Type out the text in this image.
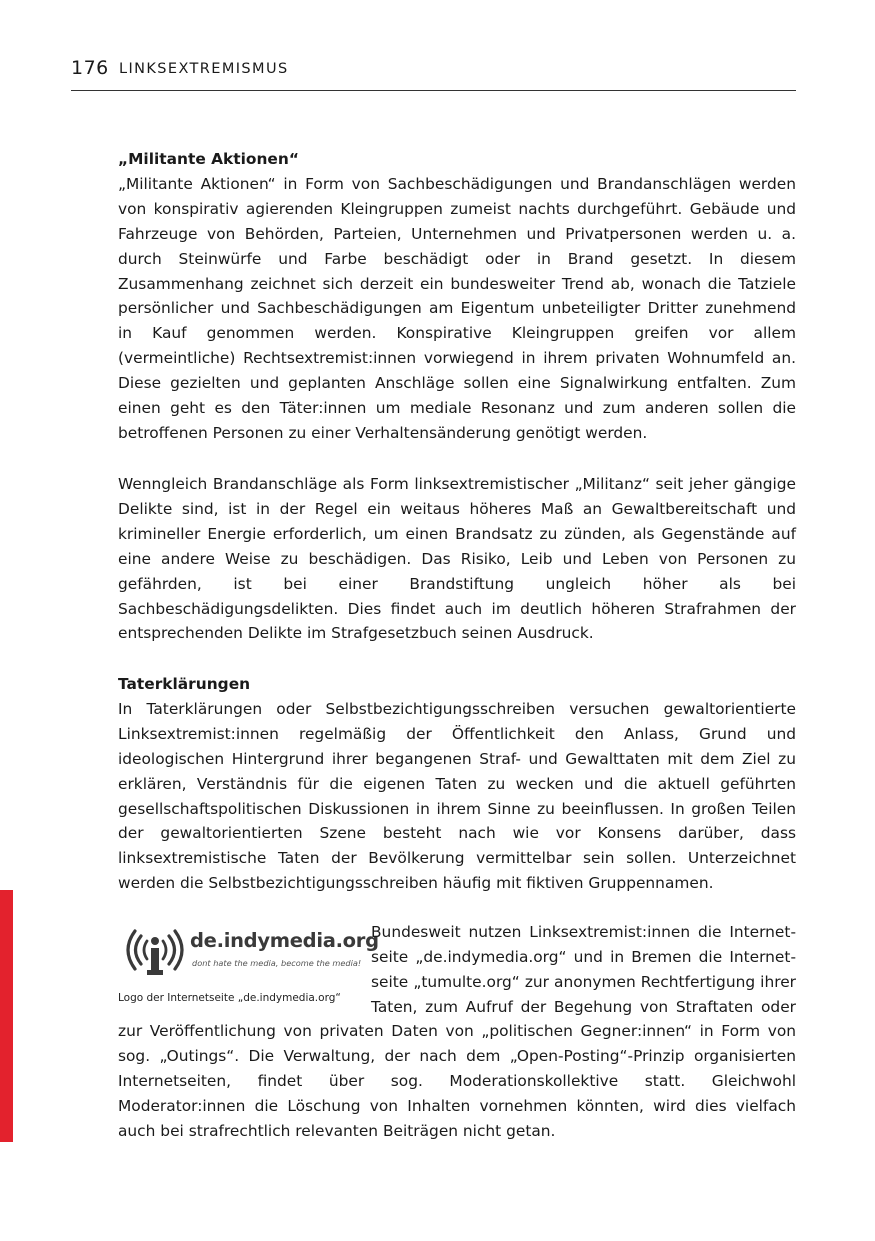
176 LINKSEXTREMISMUS
„Militante Aktionen“

„Militante Aktionen“ in Form von Sachbeschädigungen und Brandanschlägen werden von konspirativ agierenden Kleingruppen zumeist nachts durchgeführt. Gebäude und Fahrzeuge von Behörden, Parteien, Unternehmen und Privatpersonen werden u. a. durch Steinwürfe und Farbe beschädigt oder in Brand gesetzt. In diesem Zusammenhang zeichnet sich derzeit ein bundesweiter Trend ab, wonach die Tatziele persönlicher und Sachbeschädigungen am Eigentum unbeteiligter Dritter zunehmend in Kauf genommen werden. Konspirative Kleingruppen greifen vor allem (vermeintliche) Rechtsextremist:innen vorwiegend in ihrem privaten Wohnumfeld an. Diese gezielten und geplanten Anschläge sollen eine Signalwirkung entfalten. Zum einen geht es den Täter:innen um mediale Resonanz und zum anderen sollen die betroffenen Personen zu einer Verhaltensänderung genötigt werden.

Wenngleich Brandanschläge als Form linksextremistischer „Militanz“ seit jeher gängige Delikte sind, ist in der Regel ein weitaus höheres Maß an Gewaltbereitschaft und krimineller Energie erforderlich, um einen Brandsatz zu zünden, als Gegenstände auf eine andere Weise zu beschädigen. Das Risiko, Leib und Leben von Personen zu gefährden, ist bei einer Brandstiftung ungleich höher als bei Sachbeschädigungsdelikten. Dies findet auch im deutlich höheren Strafrahmen der entsprechenden Delikte im Strafgesetzbuch seinen Ausdruck.

Taterklärungen

In Taterklärungen oder Selbstbezichtigungsschreiben versuchen gewaltorientierte Linksextremist:innen regelmäßig der Öffentlichkeit den Anlass, Grund und ideologischen Hintergrund ihrer begangenen Straf- und Gewalttaten mit dem Ziel zu erklären, Verständnis für die eigenen Taten zu wecken und die aktuell geführten gesellschaftspolitischen Diskussionen in ihrem Sinne zu beeinflussen. In großen Teilen der gewaltorientierten Szene besteht nach wie vor Konsens darüber, dass linksextremistische Taten der Bevölkerung vermittelbar sein sollen. Unterzeichnet werden die Selbstbezichtigungsschreiben häufig mit fiktiven Gruppennamen.

de.indymedia.org
dont hate the media, become the media!
Logo der Internetseite „de.indymedia.org“
Bundesweit nutzen Linksextremist:innen die Internet-
seite „de.indymedia.org“ und in Bremen die Internet-
seite „tumulte.org“ zur anonymen Rechtfertigung ihrer
Taten, zum Aufruf der Begehung von Straftaten oder
zur Veröffentlichung von privaten Daten von „politischen Gegner:innen“ in Form von sog. „Outings“. Die Verwaltung, der nach dem „Open-Posting“-Prinzip organisierten Internetseiten, findet über sog. Moderationskollektive statt. Gleichwohl Moderator:innen die Löschung von Inhalten vornehmen könnten, wird dies vielfach auch bei strafrechtlich relevanten Beiträgen nicht getan.
